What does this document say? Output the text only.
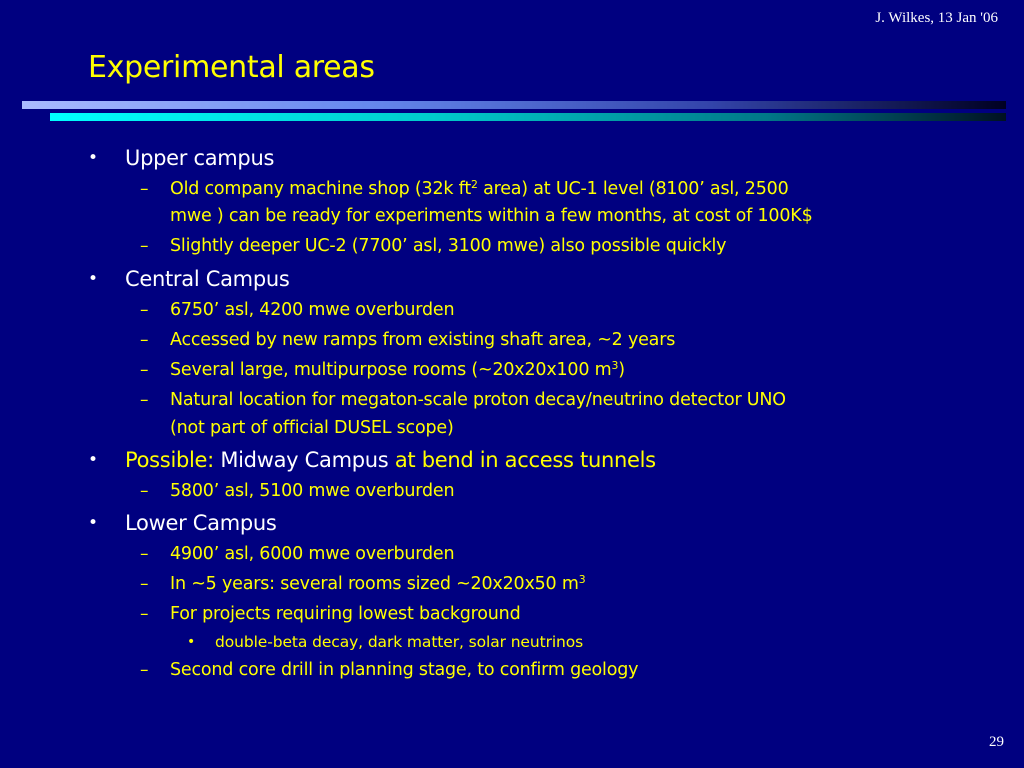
J. Wilkes, 13 Jan '06
Experimental areas
• Upper campus
– Old company machine shop (32k $ft^2$ area) at UC-1 level (8100’ asl, 2500
mwe ) can be ready for experiments within a few months, at cost of 100K$
– Slightly deeper UC-2 (7700’ asl, 3100 mwe) also possible quickly
• Central Campus
– 6750’ asl, 4200 mwe overburden
– Accessed by new ramps from existing shaft area, ~2 years
– Several large, multipurpose rooms (~20x20x100 $m^3$)
– Natural location for megaton-scale proton decay/neutrino detector UNO
(not part of official DUSEL scope)
• Possible: Midway Campus at bend in access tunnels
– 5800’ asl, 5100 mwe overburden
• Lower Campus
– 4900’ asl, 6000 mwe overburden
– In ~5 years: several rooms sized ~20x20x50 $m^3$
– For projects requiring lowest background
• double-beta decay, dark matter, solar neutrinos
– Second core drill in planning stage, to confirm geology
29
